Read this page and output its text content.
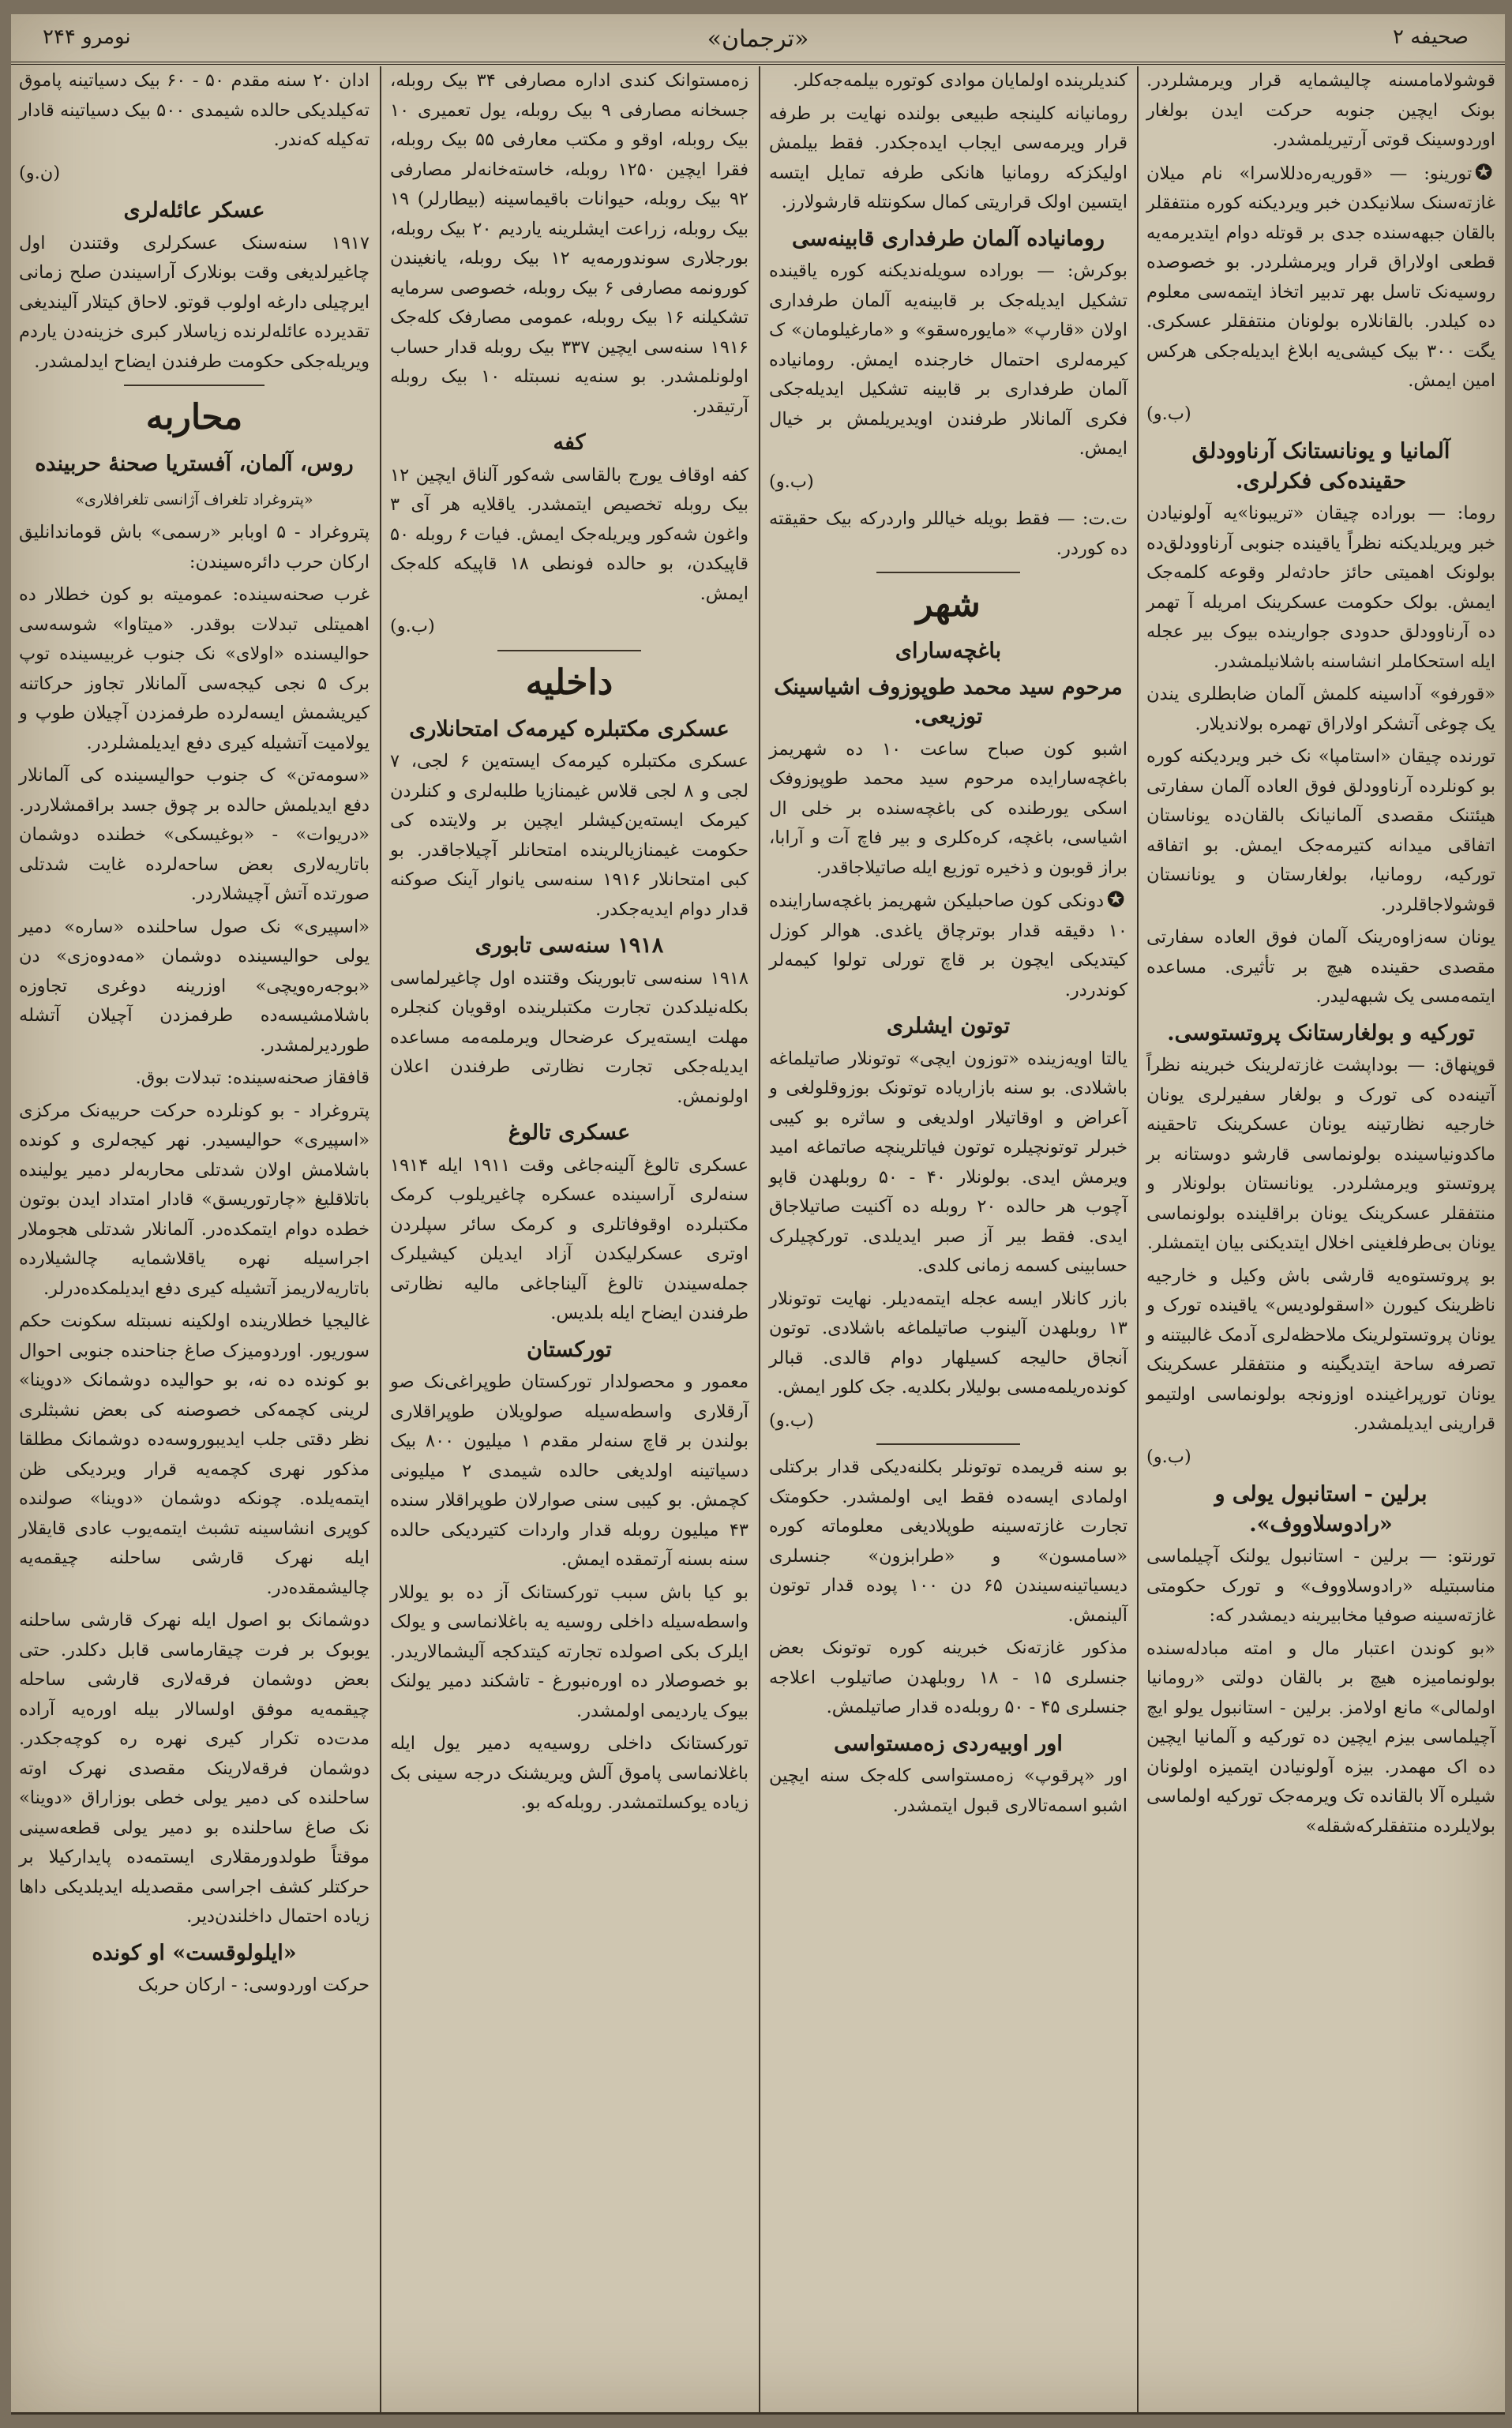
صحیفه ۲
«ترجمان»
نومرو ۲۴۴

قوشولامامسنه چالیشمایه قرار ویرمشلردر. بونک ایچین جنوبه حرکت ایدن بولغار اوردوسینک قوتی آرتیریلمشدر.

✪تورینو: — «قوریه‌ره‌دللاسرا» نام میلان غازته‌سنک سلانیکدن خبر ویردیکنه کوره منتفقلر بالقان جبهه‌سنده جدی بر قوتله دوام ایتدیرمه‌یه قطعی اولاراق قرار ویرمشلردر. بو خصوصده روسیه‌نک تاسل بهر تدبیر اتخاذ ایتمه‌سی معلوم ده کیلدر. بالقانلاره بولونان منتفقلر عسکری. یگت ۳۰۰ بیک کیشی‌یه ابلاغ ایدیله‌جکی هرکس امین ایمش.

(ب.و)

آلمانیا و یونانستانک آرناوودلق حقینده‌کی فکرلری.

روما: — بوراده چیقان «تریبونا»یه آولونیادن خبر ویریلدیکنه نظراً یاقینده جنوبی آرناوودلق‌ده بولونک اهمیتی حائز حادثه‌لر وقوعه کلمه‌جک ایمش. بولک حکومت عسکرینک امریله آ تهمر ده آرناوودلق حدودی جوارینده بیوک بیر عجله ایله استحکاملر انشاسنه باشلانیلمشدر.

«قورفو» آداسینه کلمش آلمان ضابطلری یندن یک چوغی آتشکر اولاراق تهمره بولاندیلار.

تورنده چیقان «استامپا» نک خبر ویردیکنه کوره بو کونلرده آرناوودلق فوق العاده آلمان سفارتی هیئتنک مقصدی آلمانیانک بالقان‌ده یوناستان اتفاقی میدانه کتیرمه‌جک ایمش. بو اتفاقه تورکیه، رومانیا، بولغارستان و یونانستان قوشولاجاقلردر.

یونان سه‌زاوه‌رینک آلمان فوق العاده سفارتی مقصدی حقینده هیچ بر تأثیری. مساعده ایتمه‌مسی یک شبهه‌لیدر.

تورکیه و بولغارستانک پروتستوسی.

قوپنهاق: — بوداپشت غازته‌لرینک خبرینه نظراً آتینه‌ده کی تورک و بولغار سفیرلری یونان خارجیه نظارتینه یونان عسکرینک تاحقینه ماکدونیاسینده بولونماسی قارشو دوستانه بر پروتستو ویرمشلردر. یونانستان بولونلار و منتفقلر عسکرینک یونان براقلینده بولونماسی یونان بی‌طرفلغینی اخلال ایتدیکنی بیان ایتمشلر.

بو پروتستوه‌یه قارشی باش وکیل و خارجیه ناظرینک کیورن «اسقولودیس» یاقینده تورک و یونان پروتستولرینک ملاحظه‌لری آدمک غالبیتنه و تصرفه ساحة ایتدیگینه و منتفقلر عسکرینک یونان تورپراغینده اوزونجه بولونماسی اولتیمو قرارینی ایدیلمشدر.

(ب.و)

برلین - استانبول یولی و «رادوسلاووف».

تورنتو: — برلین - استانبول یولنک آچیلماسی مناسبتیله «رادوسلاووف» و تورک حکومتی غازته‌سینه صوفیا مخابیرینه دیمشدر که:

«بو کوندن اعتبار مال و امته مبادله‌سنده بولونمامیزه هیچ بر بالقان دولتی «رومانیا اولمالی» مانع اولامز. برلین - استانبول یولو ایچ آچیلماسی بیزم ایچین ده تورکیه و آلمانیا ایچین ده اک مهمدر. بیزه آولونیادن ایتمیزه اولونان شیلره آلا بالقانده تک ویرمه‌جک تورکیه اولماسی بولایلرده منتفقلرکه‌شقله»

کندیلرینده اولمایان موادی کوتوره بیلمه‌جه‌کلر.

رومانیانه کلینجه طبیعی بولنده نهایت بر طرفه قرار ویرمه‌سی ایجاب ایده‌جکدر. فقط بیلمش اولیکزکه رومانیا هانکی طرفه تمایل ایتسه ایتسین اولک قراریتی کمال سکونتله قارشولارز.

رومانیاده آلمان طرفداری قابینه‌سی

بوکرش: — بوراده سویله‌ندیکنه کوره یاقینده تشکیل ایدیله‌جک بر قابینه‌یه آلمان طرفداری اولان «قارپ» «مایوره‌سقو» و «مارغیلومان» ک کیرمه‌لری احتمال خارجنده ایمش. رومانیاده آلمان طرفداری بر قابینه تشکیل ایدیله‌جکی فکری آلمانلار طرفندن اویدیریلمش بر خیال ایمش.

(ب.و)

ت.ت: — فقط بویله خیاللر واردرکه بیک حقیقته ده کوردر.

شهر

باغچه‌سارای

مرحوم سید محمد طوپوزوف اشیاسینک توزیعی.

اشبو کون صباح ساعت ۱۰ ده شهریمز باغچه‌سارایده مرحوم سید محمد طوپوزوفک اسکی یورطنده کی باغچه‌سنده بر خلی ال اشیاسی، باغچه، کره‌کلری و بیر فاچ آت و آرابا، براز قوبون و ذخیره توزیع ایله صاتیلاجاقدر.

✪دونکی کون صاحبلیکن شهریمز باغچه‌ساراینده ۱۰ دقیقه قدار بوترچاق یاغدی. هوالر کوزل کیتدیکی ایچون بر قاچ تورلی تولوا کیمه‌لر کوندردر.

توتون ایشلری

یالتا اویه‌زینده «توزون ایچی» توتونلار صاتیلماغه باشلادی. بو سنه بازاریاده توتونک بوزوقلولغی و آعراض و اوقاتیلار اولدیغی و ساثره بو کیبی خبرلر توتونچیلره توتون فیاتلرینچه صاتماغه امید ویرمش ایدی. بولونلار ۴۰ - ۵۰ روبلهدن قاپو آچوب هر حالده ۲۰ روبله ده آکنیت صاتیلاجاق ایدی. فقط بیر آز صبر ایدیلدی. تورکچیلرک حسابینی کسمه زمانی کلدی.

بازر کانلار ایسه عجله ایتمه‌دیلر. نهایت توتونلار ۱۳ روبلهدن آلینوب صاتیلماغه باشلادی. توتون آنجاق حالیجه کسیلهار دوام قالدی. قبالر کونده‌ریلمه‌مسی بولیلار بکلدیه. جک کلور ایمش.

(ب.و)

بو سنه قریمده توتونلر بکلنه‌دیکی قدار برکتلی اولمادی ایسه‌ده فقط ایی اولمشدر. حکومتک تجارت غازته‌سینه طوپلادیغی معلوماته کوره «سامسون» و «طرابزون» جنسلری دیسیاتینه‌سیندن ۶۵ دن ۱۰۰ پوده قدار توتون آلینمش.

مذکور غازته‌نک خبرینه کوره توتونک بعض جنسلری ۱۵ - ۱۸ روبلهدن صاتیلوب اعلاجه جنسلری ۴۵ - ۵۰ روبله‌ده قدار صاتیلمش.

اور اوبیه‌ردی زه‌مستواسی

اور «پرقوپ» زه‌مستواسی کله‌جک سنه ایچین اشبو اسمه‌تالاری قبول ایتمشدر.

زه‌مستوانک کندی اداره مصارفی ۳۴ بیک روبله، جسخانه مصارفی ۹ بیک روبله، یول تعمیری ۱۰ بیک روبله، اوقو و مکتب معارفی ۵۵ بیک روبله، فقرا ایچین ۱۲۵۰ روبله، خاسته‌خانه‌لر مصارفی ۹۲ بیک روبله، حیوانات باقیماسینه (بیطارلر) ۱۹ بیک روبله، زراعت ایشلرینه یاردیم ۲۰ بیک روبله، بورجلاری سوندورمه‌یه ۱۲ بیک روبله، یانغیندن کورونمه مصارفی ۶ بیک روبله، خصوصی سرمایه تشکیلنه ۱۶ بیک روبله، عمومی مصارفک کله‌جک ۱۹۱۶ سنه‌سی ایچین ۳۳۷ بیک روبله قدار حساب اولونلمشدر. بو سنه‌یه نسبتله ۱۰ بیک روبله آرتیقدر.

کفه

کفه اوقاف یورج بالقاسی شه‌کور آلناق ایچین ۱۲ بیک روبله تخصیص ایتمشدر. یاقلایه هر آی ۳ واغون شه‌کور ویریله‌جک ایمش. فیات ۶ روبله ۵۰ قاپیکدن، بو حالده فونطی ۱۸ قاپیکه کله‌جک ایمش.

(ب.و)

داخلیه

عسکری مکتبلره کیرمه‌ک امتحانلاری

عسکری مکتبلره کیرمه‌ک ایسته‌ین ۶ لجی، ۷ لجی و ۸ لجی قلاس غیمنازیا طلبه‌لری و کنلردن کیرمک ایسته‌ین‌کیشلر ایچین بر ولایتده کی حکومت غیمنازیالرینده امتحانلر آچیلاجاقدر. بو کبی امتحانلار ۱۹۱۶ سنه‌سی یانوار آینک صوکنه قدار دوام ایدیه‌جکدر.

۱۹۱۸ سنه‌سی تابوری

۱۹۱۸ سنه‌سی تابورینک وقتنده اول چاغیرلماسی بکله‌نیلدکدن تجارت مکتبلرینده اوقویان کنجلره مهلت ایسته‌یرک عرضحال ویرملمه‌مه مساعده ایدیله‌جکی تجارت نظارتی طرفندن اعلان اولونمش.

عسکری تالوغ

عسکری تالوغ آلینه‌جاغی وقت ۱۹۱۱ ایله ۱۹۱۴ سنه‌لری آراسینده عسکره چاغیریلوب کرمک مکتبلرده اوقوفاتلری و کرمک سائر سپلردن اوتری عسکرلیکدن آزاد ایدیلن کیشیلرک جمله‌سیندن تالوغ آلیناجاغی مالیه نظارتی طرفندن ایضاح ایله بلدیس.

تورکستان

معمور و محصولدار تورکستان طوپراغی‌نک صو آرقلاری واسطه‌سیله صولویلان طوپراقلاری بولندن بر قاچ سنه‌لر مقدم ۱ میلیون ۸۰۰ بیک دسیاتینه اولدیغی حالده شیمدی ۲ میلیونی کچمش. بو کیبی سنی صوارلان طوپراقلار سنده ۴۳ میلیون روبله قدار واردات کتیردیکی حالده سنه بسنه آرتمقده ایمش.

بو کیا باش سبب تورکستانک آز ده بو یوللار واسطه‌سیله داخلی روسیه یه باغلانماسی و یولک ایلرک بکی اصولده تجارته کیتدکجه آلیشمالاریدر. بو خصوصلار ده اوره‌نبورغ - تاشکند دمیر یولنک بیوک یاردیمی اولمشدر.

تورکستانک داخلی روسیه‌یه دمیر یول ایله باغلانماسی پاموق آلش ویریشنک درجه سینی بک زیاده یوکسلتمشدر. روبله‌که بو.

ادان ۲۰ سنه مقدم ۵۰ - ۶۰ بیک دسیاتینه پاموق ته‌کیلدیکی حالده شیمدی ۵۰۰ بیک دسیاتینه قادار ته‌کیله که‌ندر.

(ن.و)

عسکر عائله‌لری

۱۹۱۷ سنه‌سنک عسکرلری وقتندن اول چاغیرلدیغی وقت بونلارک آراسیندن صلح زمانی ایرچیلی دارغه اولوب قوتو. لاحاق کیتلار آلیندیغی تقدیرده عائله‌لرنده زیاسلار کبری خزینه‌دن یاردم ویریله‌جکی حکومت طرفندن ایضاح ایدلمشدر.

محاربه

روس، آلمان، آفستریا صحنهٔ حربینده

«پتروغراد تلغراف آژانسی تلغرافلاری»

پتروغراد - ۵ اوبابر «رسمی» باش قوماندانلیق ارکان حرب دائره‌سیندن:

غرب صحنه‌سینده: عمومیته بو کون خطلار ده اهمیتلی تبدلات بوقدر. «میتاوا» شوسه‌سی حوالیسنده «اولای» نک جنوب غربیسینده توپ برک ۵ نجی کیجه‌سی آلمانلار تجاوز حرکاتنه کیریشمش ایسه‌لرده طرفمزدن آچیلان طوپ و یولامیت آتشیله کیری دفع ایدیلمشلردر.

«سومه‌تن» ک جنوب حوالیسینده کی آلمانلار دفع ایدیلمش حالده بر چوق جسد براقمشلاردر. «دریوات» - «بوغیسکی» خطنده دوشمان باتاریه‌لاری بعض ساحه‌لرده غایت شدتلی صورتده آتش آچیشلاردر.

«اسپیری» نک صول ساحلنده «ساره» دمیر یولی حوالیسینده دوشمان «مه‌دوه‌زی» دن «بوجه‌ره‌ویچی» اوزرینه دوغری تجاوزه باشلامشیسه‌ده طرفمزدن آچیلان آتشله طوردیرلمشدر.

قافقاز صحنه‌سینده: تبدلات بوق.

پتروغراد - بو کونلرده حرکت حربیه‌نک مرکزی «اسپیری» حوالیسیدر. نهر کیجه‌لری و کونده باشلامش اولان شدتلی محاربه‌لر دمیر یولینده باتلاقلیغ «چارتوریسق» قادار امتداد ایدن بوتون خطده دوام ایتمکده‌در. آلمانلار شدتلی هجوملار اجراسیله نهره یاقلاشمایه چالشیلارده باتاریه‌لاریمز آتشیله کیری دفع ایدیلمکده‌درلر.

غالیجیا خطلارینده اولکینه نسبتله سکونت حکم سوریور. اوردومیزک صاغ جناحنده جنوبی احوال بو کونده ده نه، بو حوالیده دوشمانک «دوینا» لرینی کچمه‌کی خصوصنه کی بعض نشبثلری نظر دقتی جلب ایدیبوروسه‌ده دوشمانک مطلقا مذکور نهری کچمه‌یه قرار ویردیکی ظن ایتمه‌یلده. چونکه دوشمان «دوینا» صولنده کوپری انشاسینه تشبث ایتمه‌یوب عادی قایقلار ایله نهرک قارشی ساحلنه چیقمه‌یه چالیشمقده‌در.

دوشمانک بو اصول ایله نهرک قارشی ساحلنه یوبوک بر فرت چیقارماسی قابل دکلدر. حتی بعض دوشمان فرقه‌لاری قارشی ساحله چیقمه‌یه موفق اولسالار بیله اوره‌یه آراده مدت‌ده تکرار کیری نهره ره کوچه‌جکدر. دوشمان فرقه‌لارینک مقصدی نهرک اوته ساحلنده کی دمیر یولی خطی بوزاراق «دوینا» نک صاغ ساحلنده بو دمیر یولی قطعه‌سینی موقتاً طولدورمقلاری ایستمه‌ده پایدارکیلا بر حرکتلر کشف اجراسی مقصدیله ایدیلدیکی داها زیاده احتمال داخلندن‌دیر.

«ایلولوقست» او کونده

حرکت اوردوسی: - ارکان حربک
